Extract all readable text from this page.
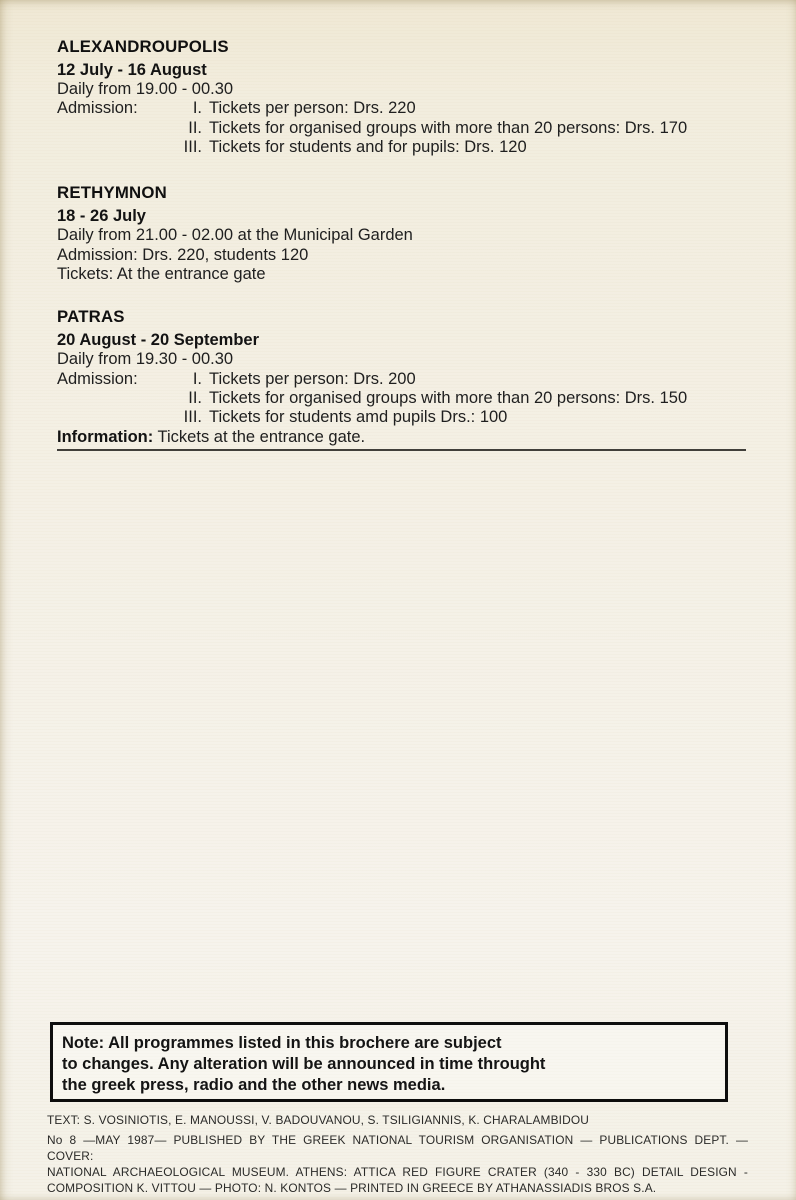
ALEXANDROUPOLIS
12 July - 16 August
Daily from 19.00 - 00.30
Admission:	I. Tickets per person: Drs. 220
II. Tickets for organised groups with more than 20 persons: Drs. 170
III. Tickets for students and for pupils: Drs. 120
RETHYMNON
18 - 26 July
Daily from 21.00 - 02.00 at the Municipal Garden
Admission: Drs. 220, students 120
Tickets: At the entrance gate
PATRAS
20 August - 20 September
Daily from 19.30 - 00.30
Admission:	I. Tickets per person: Drs. 200
II. Tickets for organised groups with more than 20 persons: Drs. 150
III. Tickets for students amd pupils Drs.: 100
Information: Tickets at the entrance gate.
Note: All programmes listed in this brochere are subject
to changes. Any alteration will be announced in time throught
the greek press, radio and the other news media.
TEXT: S. VOSINIOTIS, E. MANOUSSI, V. BADOUVANOU, S. TSILIGIANNIS, K. CHARALAMBIDOU
No 8 —MAY 1987— PUBLISHED BY THE GREEK NATIONAL TOURISM ORGANISATION — PUBLICATIONS DEPT. — COVER:
NATIONAL ARCHAEOLOGICAL MUSEUM. ATHENS: ATTICA RED FIGURE CRATER (340 - 330 BC) DETAIL DESIGN -
COMPOSITION K. VITTOU — PHOTO: N. KONTOS — PRINTED IN GREECE BY ATHANASSIADIS BROS S.A.
